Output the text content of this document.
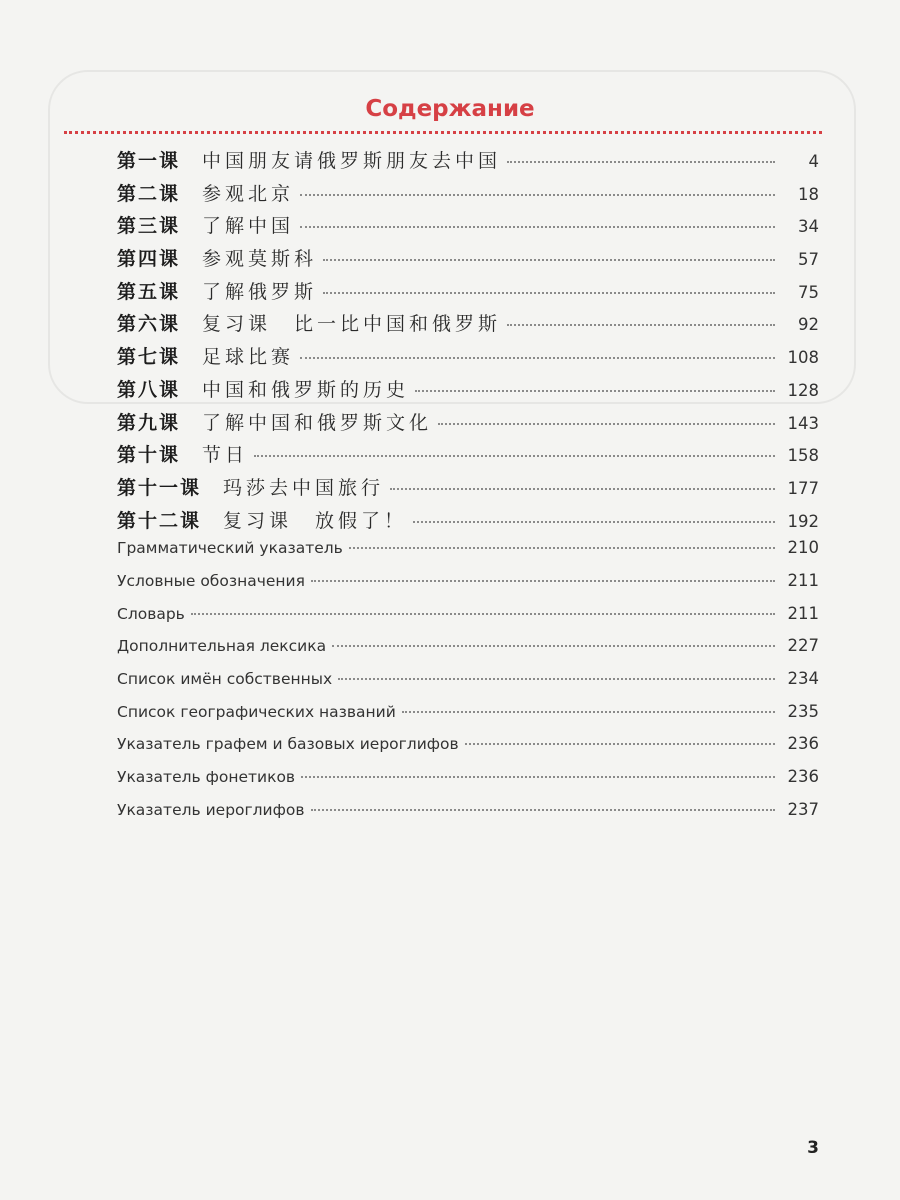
Содержание
第一课 中国朋友请俄罗斯朋友去中国	4
第二课 参观北京	18
第三课 了解中国	34
第四课 参观莫斯科	57
第五课 了解俄罗斯	75
第六课 复习课　比一比中国和俄罗斯	92
第七课 足球比赛	108
第八课 中国和俄罗斯的历史	128
第九课 了解中国和俄罗斯文化	143
第十课 节日	158
第十一课 玛莎去中国旅行	177
第十二课 复习课　放假了！	192
Грамматический указатель	210
Условные обозначения	211
Словарь	211
Дополнительная лексика	227
Список имён собственных	234
Список географических названий	235
Указатель графем и базовых иероглифов	236
Указатель фонетиков	236
Указатель иероглифов	237
3
